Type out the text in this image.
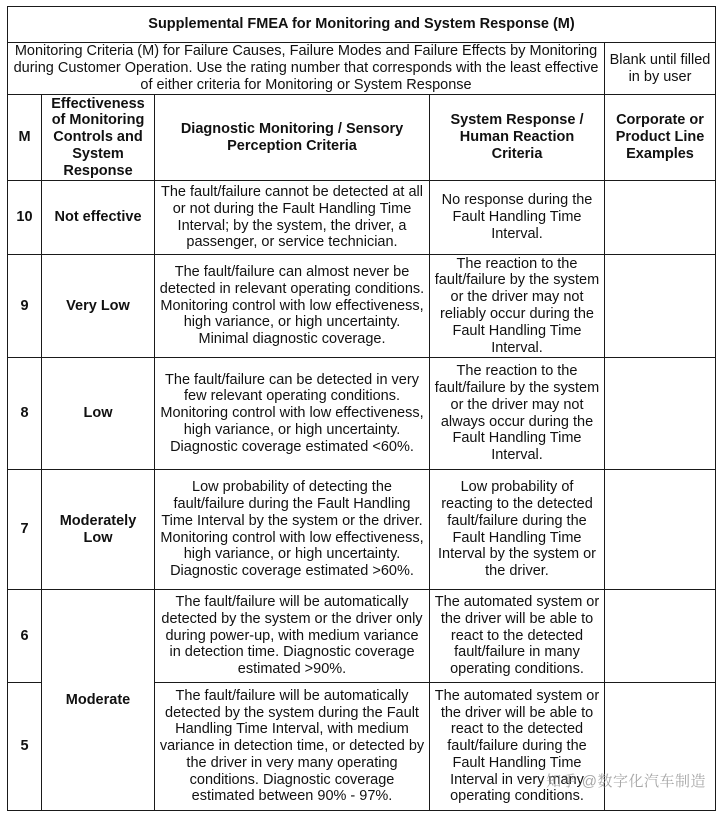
Supplemental FMEA for Monitoring and System Response (M)				
Monitoring Criteria (M) for Failure Causes, Failure Modes and Failure Effects by Monitoring during Customer Operation. Use the rating number that corresponds with the least effective of either criteria for Monitoring or System Response				Blank until filled in by user
M	Effectiveness of Monitoring Controls and System Response	Diagnostic Monitoring / Sensory Perception Criteria	System Response / Human Reaction Criteria	Corporate or Product Line Examples
10	Not effective	The fault/failure cannot be detected at all or not during the Fault Handling Time Interval; by the system, the driver, a passenger, or service technician.	No response during the Fault Handling Time Interval.	
9	Very Low	The fault/failure can almost never be detected in relevant operating conditions. Monitoring control with low effectiveness, high variance, or high uncertainty. Minimal diagnostic coverage.	The reaction to the fault/failure by the system or the driver may not reliably occur during the Fault Handling Time Interval.	
8	Low	The fault/failure can be detected in very few relevant operating conditions. Monitoring control with low effectiveness, high variance, or high uncertainty. Diagnostic coverage estimated <60%.	The reaction to the fault/failure by the system or the driver may not always occur during the Fault Handling Time Interval.	
7	Moderately Low	Low probability of detecting the fault/failure during the Fault Handling Time Interval by the system or the driver. Monitoring control with low effectiveness, high variance, or high uncertainty. Diagnostic coverage estimated >60%.	Low probability of reacting to the detected fault/failure during the Fault Handling Time Interval by the system or the driver.	
6	Moderate	The fault/failure will be automatically detected by the system or the driver only during power-up, with medium variance in detection time. Diagnostic coverage estimated >90%.	The automated system or the driver will be able to react to the detected fault/failure in many operating conditions.	
5		The fault/failure will be automatically detected by the system during the Fault Handling Time Interval, with medium variance in detection time, or detected by the driver in very many operating conditions. Diagnostic coverage estimated between 90% - 97%.	The automated system or the driver will be able to react to the detected fault/failure during the Fault Handling Time Interval in very many operating conditions.	
知乎 @数字化汽车制造
